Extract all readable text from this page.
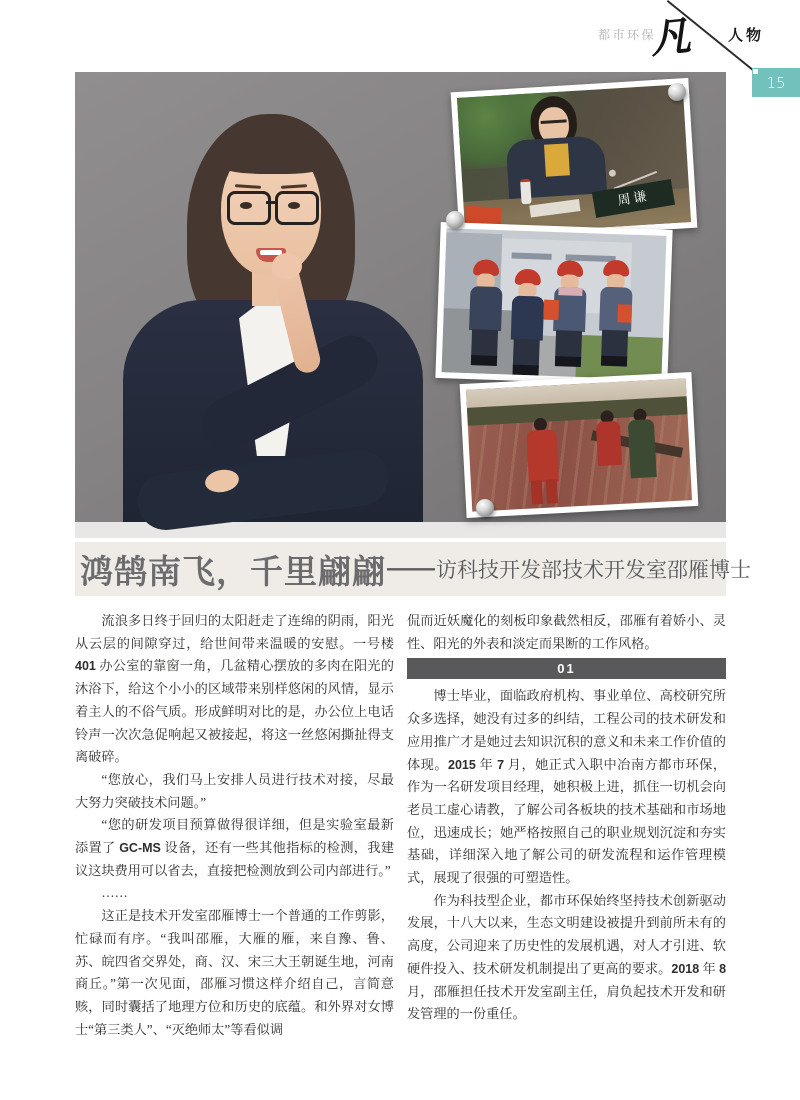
都市环保
凡 人物
15
周谦
鸿鹄南飞，千里翩翩 —— 访科技开发部技术开发室邵雁博士

流浪多日终于回归的太阳赶走了连绵的阴雨，阳光从云层的间隙穿过，给世间带来温暖的安慰。一号楼 401 办公室的靠窗一角，几盆精心摆放的多肉在阳光的沐浴下，给这个小小的区域带来别样悠闲的风情，显示着主人的不俗气质。形成鲜明对比的是，办公位上电话铃声一次次急促响起又被接起，将这一丝悠闲撕扯得支离破碎。

“您放心，我们马上安排人员进行技术对接，尽最大努力突破技术问题。”

“您的研发项目预算做得很详细，但是实验室最新添置了 GC-MS 设备，还有一些其他指标的检测，我建议这块费用可以省去，直接把检测放到公司内部进行。”

……

这正是技术开发室邵雁博士一个普通的工作剪影，忙碌而有序。“我叫邵雁，大雁的雁，来自豫、鲁、苏、皖四省交界处，商、汉、宋三大王朝诞生地，河南商丘。”第一次见面，邵雁习惯这样介绍自己，言简意赅，同时囊括了地理方位和历史的底蕴。和外界对女博士“第三类人”、“灭绝师太”等看似调

侃而近妖魔化的刻板印象截然相反，邵雁有着娇小、灵性、阳光的外表和淡定而果断的工作风格。

01

博士毕业，面临政府机构、事业单位、高校研究所众多选择，她没有过多的纠结，工程公司的技术研发和应用推广才是她过去知识沉积的意义和未来工作价值的体现。2015 年 7 月，她正式入职中冶南方都市环保，作为一名研发项目经理，她积极上进，抓住一切机会向老员工虚心请教，了解公司各板块的技术基础和市场地位，迅速成长；她严格按照自己的职业规划沉淀和夯实基础，详细深入地了解公司的研发流程和运作管理模式，展现了很强的可塑造性。

作为科技型企业，都市环保始终坚持技术创新驱动发展，十八大以来，生态文明建设被提升到前所未有的高度，公司迎来了历史性的发展机遇，对人才引进、软硬件投入、技术研发机制提出了更高的要求。2018 年 8 月，邵雁担任技术开发室副主任，肩负起技术开发和研发管理的一份重任。
